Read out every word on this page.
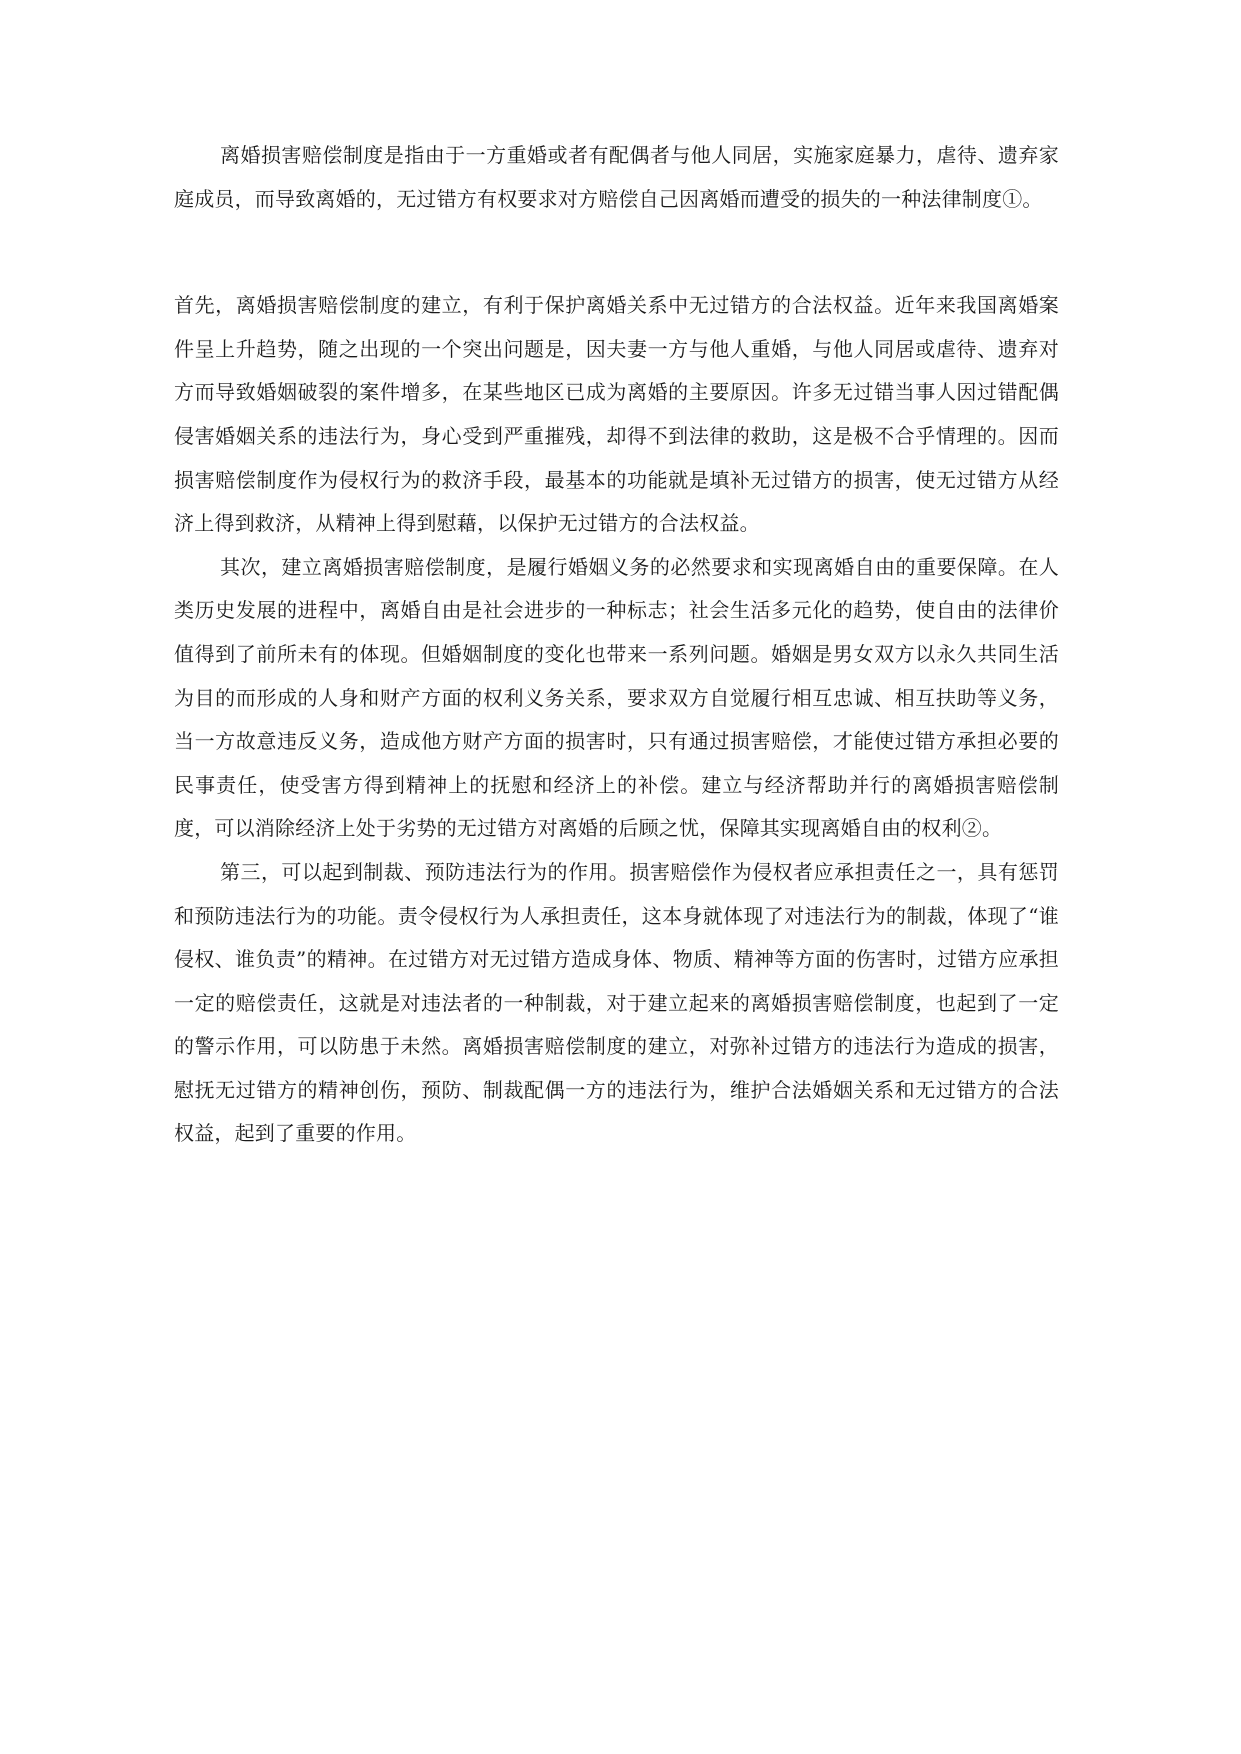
离婚损害赔偿制度是指由于一方重婚或者有配偶者与他人同居，实施家庭暴力，虐待、遗弃家庭成员，而导致离婚的，无过错方有权要求对方赔偿自己因离婚而遭受的损失的一种法律制度①。

首先，离婚损害赔偿制度的建立，有利于保护离婚关系中无过错方的合法权益。近年来我国离婚案件呈上升趋势，随之出现的一个突出问题是，因夫妻一方与他人重婚，与他人同居或虐待、遗弃对方而导致婚姻破裂的案件增多，在某些地区已成为离婚的主要原因。许多无过错当事人因过错配偶侵害婚姻关系的违法行为，身心受到严重摧残，却得不到法律的救助，这是极不合乎情理的。因而损害赔偿制度作为侵权行为的救济手段，最基本的功能就是填补无过错方的损害，使无过错方从经济上得到救济，从精神上得到慰藉，以保护无过错方的合法权益。

其次，建立离婚损害赔偿制度，是履行婚姻义务的必然要求和实现离婚自由的重要保障。在人类历史发展的进程中，离婚自由是社会进步的一种标志；社会生活多元化的趋势，使自由的法律价值得到了前所未有的体现。但婚姻制度的变化也带来一系列问题。婚姻是男女双方以永久共同生活为目的而形成的人身和财产方面的权利义务关系，要求双方自觉履行相互忠诚、相互扶助等义务，当一方故意违反义务，造成他方财产方面的损害时，只有通过损害赔偿，才能使过错方承担必要的民事责任，使受害方得到精神上的抚慰和经济上的补偿。建立与经济帮助并行的离婚损害赔偿制度，可以消除经济上处于劣势的无过错方对离婚的后顾之忧，保障其实现离婚自由的权利②。

第三，可以起到制裁、预防违法行为的作用。损害赔偿作为侵权者应承担责任之一，具有惩罚和预防违法行为的功能。责令侵权行为人承担责任，这本身就体现了对违法行为的制裁，体现了“谁侵权、谁负责”的精神。在过错方对无过错方造成身体、物质、精神等方面的伤害时，过错方应承担一定的赔偿责任，这就是对违法者的一种制裁，对于建立起来的离婚损害赔偿制度，也起到了一定的警示作用，可以防患于未然。离婚损害赔偿制度的建立，对弥补过错方的违法行为造成的损害，慰抚无过错方的精神创伤，预防、制裁配偶一方的违法行为，维护合法婚姻关系和无过错方的合法权益，起到了重要的作用。
